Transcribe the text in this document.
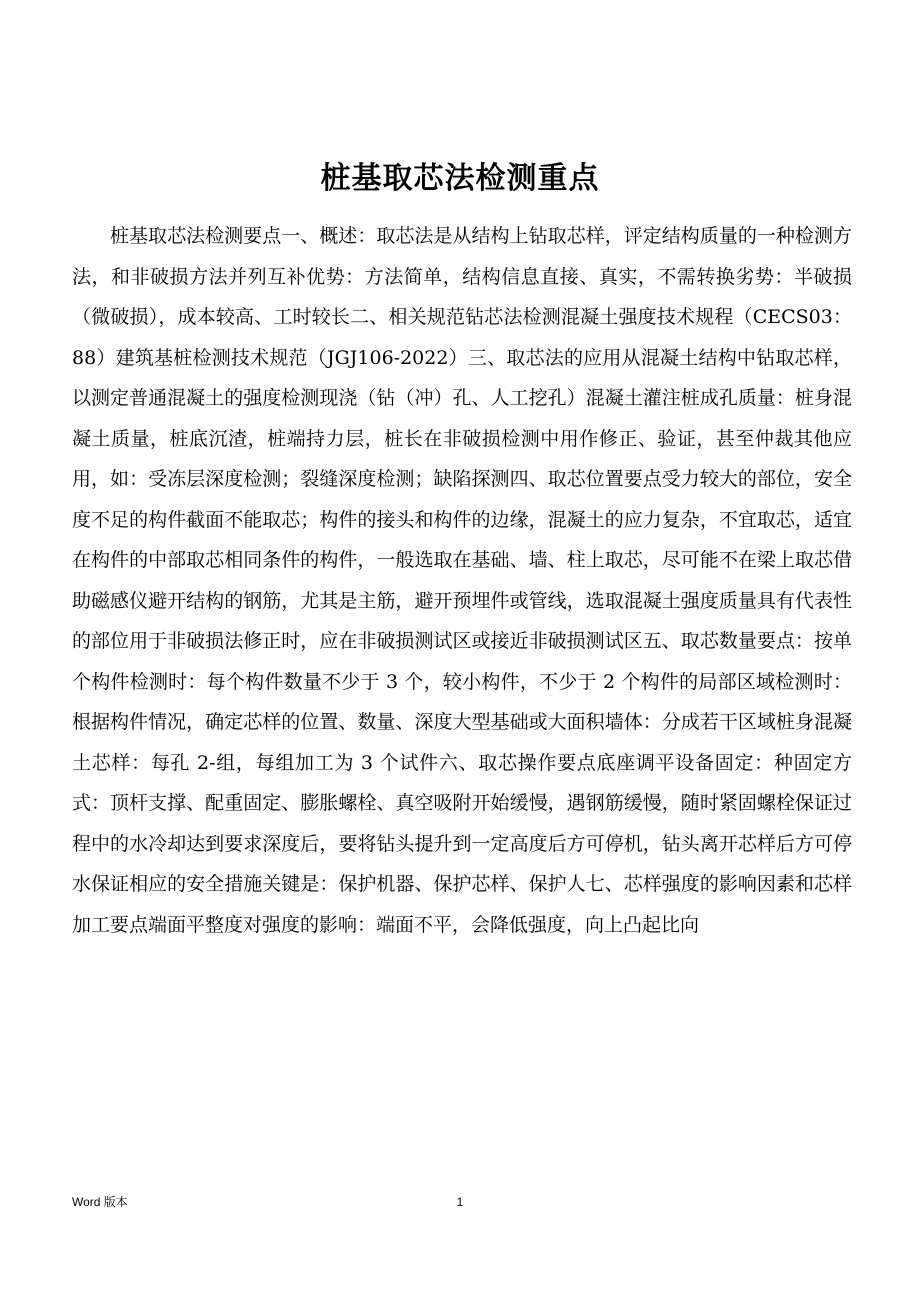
桩基取芯法检测重点

桩基取芯法检测要点一、概述：取芯法是从结构上钻取芯样，评定结构质量的一种检测方法，和非破损方法并列互补优势：方法简单，结构信息直接、真实，不需转换劣势：半破损（微破损），成本较高、工时较长二、相关规范钻芯法检测混凝土强度技术规程（CECS03：88）建筑基桩检测技术规范（JGJ106-2022）三、取芯法的应用从混凝土结构中钻取芯样，以测定普通混凝土的强度检测现浇（钻（冲）孔、人工挖孔）混凝土灌注桩成孔质量：桩身混凝土质量，桩底沉渣，桩端持力层，桩长在非破损检测中用作修正、验证，甚至仲裁其他应用，如：受冻层深度检测；裂缝深度检测；缺陷探测四、取芯位置要点受力较大的部位，安全度不足的构件截面不能取芯；构件的接头和构件的边缘，混凝土的应力复杂，不宜取芯，适宜在构件的中部取芯相同条件的构件，一般选取在基础、墙、柱上取芯，尽可能不在梁上取芯借助磁感仪避开结构的钢筋，尤其是主筋，避开预埋件或管线，选取混凝土强度质量具有代表性的部位用于非破损法修正时，应在非破损测试区或接近非破损测试区五、取芯数量要点：按单个构件检测时：每个构件数量不少于 3 个，较小构件，不少于 2 个构件的局部区域检测时：根据构件情况，确定芯样的位置、数量、深度大型基础或大面积墙体：分成若干区域桩身混凝土芯样：每孔 2-组，每组加工为 3 个试件六、取芯操作要点底座调平设备固定：种固定方式：顶杆支撑、配重固定、膨胀螺栓、真空吸附开始缓慢，遇钢筋缓慢，随时紧固螺栓保证过程中的水冷却达到要求深度后，要将钻头提升到一定高度后方可停机，钻头离开芯样后方可停水保证相应的安全措施关键是：保护机器、保护芯样、保护人七、芯样强度的影响因素和芯样加工要点端面平整度对强度的影响：端面不平，会降低强度，向上凸起比向

Word 版本	1
